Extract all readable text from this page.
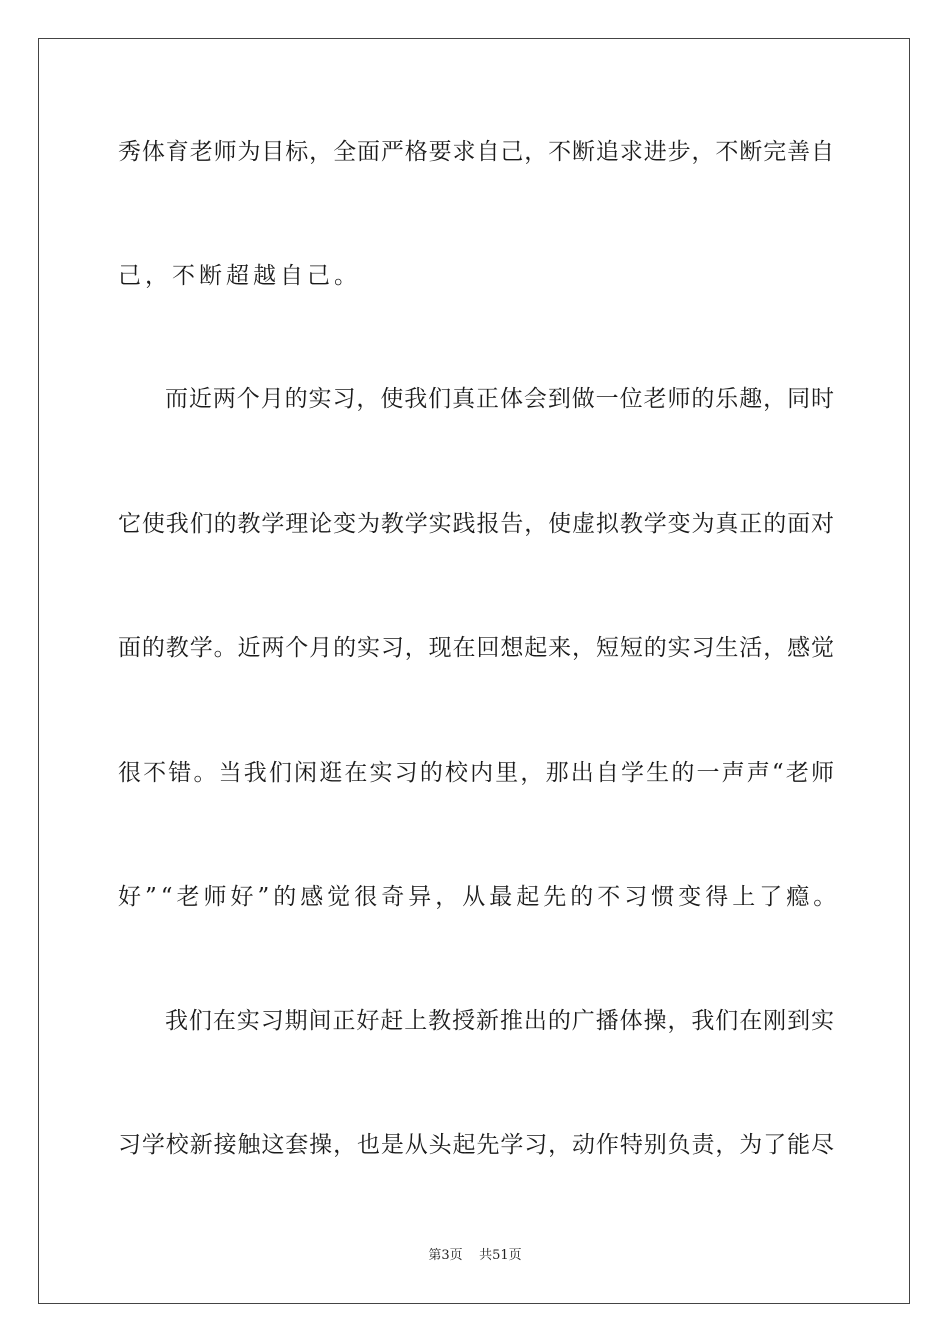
秀体育老师为目标，全面严格要求自己，不断追求进步，不断完善自
己，不断超越自己。
而近两个月的实习，使我们真正体会到做一位老师的乐趣，同时
它使我们的教学理论变为教学实践报告，使虚拟教学变为真正的面对
面的教学。近两个月的实习，现在回想起来，短短的实习生活，感觉
很不错。当我们闲逛在实习的校内里，那出自学生的一声声“老师
好”“老师好”的感觉很奇异，从最起先的不习惯变得上了瘾。
我们在实习期间正好赶上教授新推出的广播体操，我们在刚到实
习学校新接触这套操，也是从头起先学习，动作特别负责，为了能尽
第3页 共51页
